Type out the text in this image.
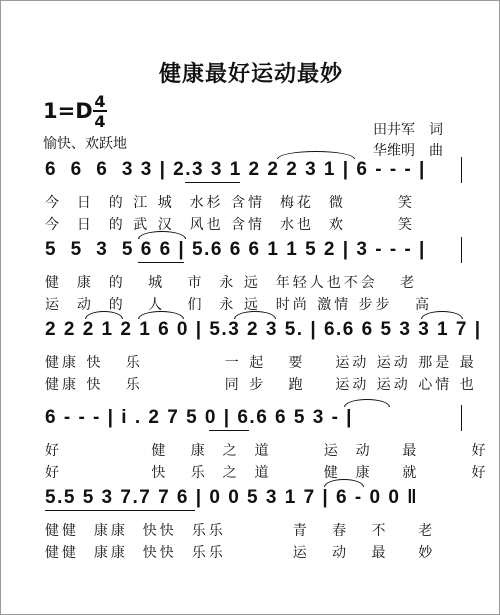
健康最好运动最妙
1=D 4
4
愉快、欢跃地
田井军　词
华维明　曲
6  6  6  3 3 | 2.3 3 1 2 2 2 3 1 | 6 - - - |
今  日  的 江 城  水杉 含情  梅花  微       笑
今  日  的 武 汉  风也 含情  水也  欢       笑
5  5  3  5 6 6 | 5.6 6 6 1 1 5 2 | 3 - - - |
健  康  的   城   市  永 远  年轻人也不会   老
运  动  的   人   们  永 远  时尚 激情 步步   高
2 2 2 1 2 1 6 0 | 5.3 2 3 5. | 6.6 6 5 3 3 1 7 |
健康 快   乐           一 起   要    运动 运动 那是 最
健康 快   乐           同 步   跑    运动 运动 心情 也
6 - - - | i . 2 7 5 0 | 6.6 6 5 3 - |
好            健   康  之  道       运  动    最       好
好            快   乐  之  道       健  康    就       好
5.5 5 3 7.7 7 6 | 0 0 5 3 1 7 | 6 - 0 0 ‖
健健  康康  快快  乐乐         青   春   不    老
健健  康康  快快  乐乐         运   动   最    妙
